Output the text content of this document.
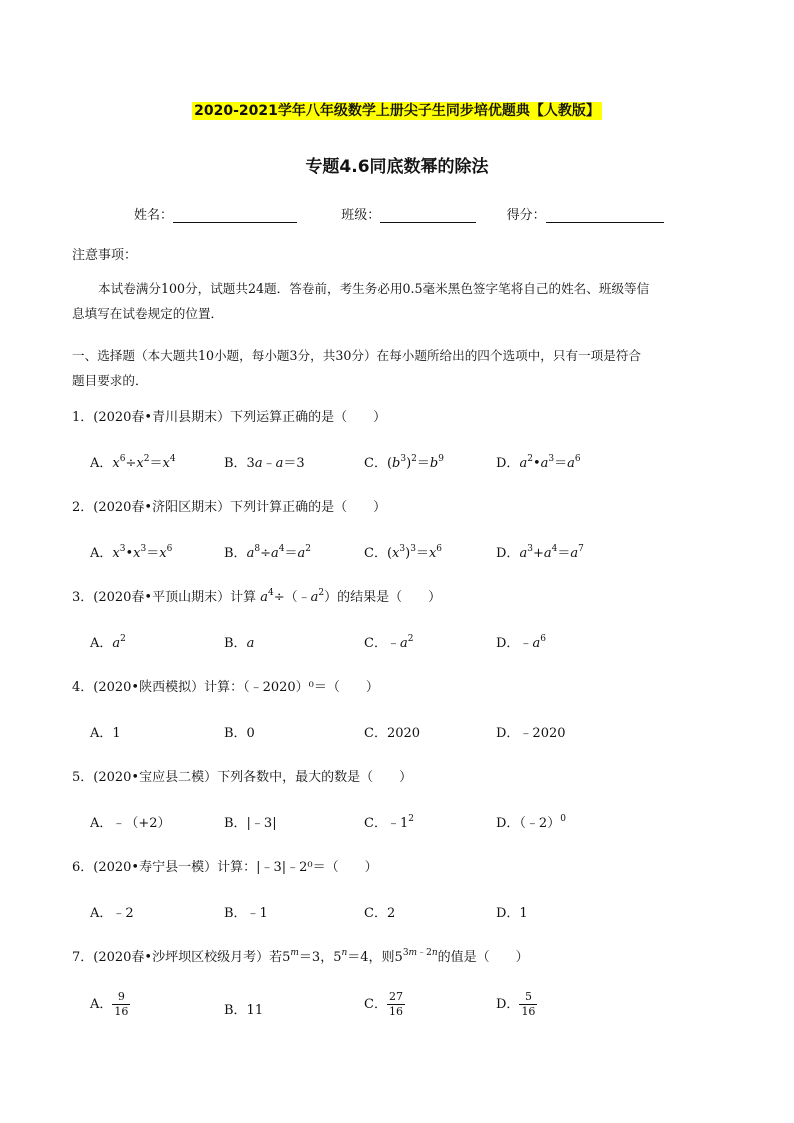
2020-2021学年八年级数学上册尖子生同步培优题典【人教版】
专题4.6同底数幂的除法
姓名：	班级：	得分：
注意事项：
本试卷满分100分，试题共24题．答卷前，考生务必用0.5毫米黑色签字笔将自己的姓名、班级等信
息填写在试卷规定的位置．
一、选择题（本大题共10小题，每小题3分，共30分）在每小题所给出的四个选项中，只有一项是符合
题目要求的．
1．(2020春•青川县期末）下列运算正确的是（　　）
A．$x^6\div x^2=x^4$	B．3a﹣a＝3	C．$(b^3)^2=b^9$	D．$a^2•a^3=a^6$
2．(2020春•济阳区期末）下列计算正确的是（　　）
A．$x^3•x^3=x^6$	B．$a^8\div a^4=a^2$	C．$(x^3)^3=x^6$	D．$a^3+a^4=a^7$
3．(2020春•平顶山期末）计算 $a^4\div(﹣a^2)$的结果是（　　）
A．$a^2$	B．a	C．$﹣a^2$	D．$﹣a^6$
4．(2020•陕西模拟）计算：（﹣2020）⁰＝（　　）
A．1	B．0	C．2020	D．﹣2020
5．(2020•宝应县二模）下列各数中，最大的数是（　　）
A．﹣（+2）	B．|﹣3|	C．$﹣1^2$	D．（﹣2）$^0$
6．(2020•寿宁县一模）计算：|﹣3|﹣2⁰＝（　　）
A．﹣2	B．﹣1	C．2	D．1
7．(2020春•沙坪坝区校级月考）若$5^m=3$，$5^n=4$，则$5^{3m﹣2n}$的值是（　　）
A． $\frac{9}{16}$	B．11	C． $\frac{27}{16}$	D． $\frac{5}{16}$
